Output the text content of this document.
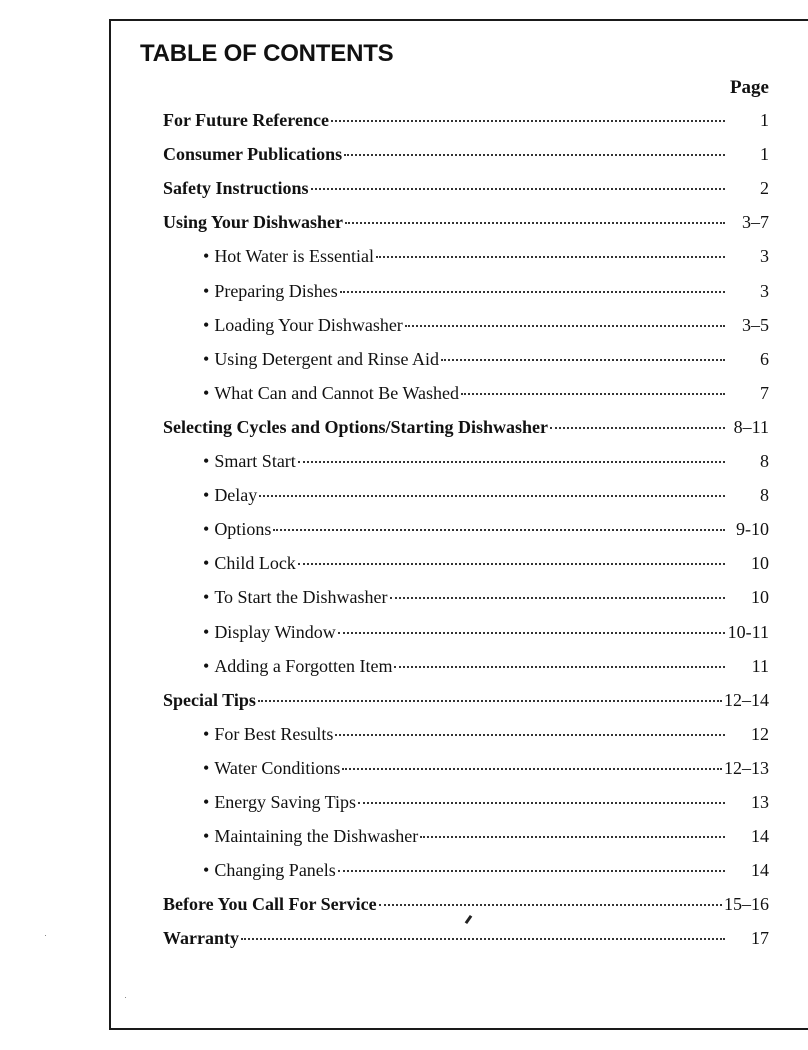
TABLE OF CONTENTS
Page
For Future Reference	1
Consumer Publications	1
Safety Instructions	2
Using Your Dishwasher	3–7
• Hot Water is Essential	3
• Preparing Dishes	3
• Loading Your Dishwasher	3–5
• Using Detergent and Rinse Aid	6
• What Can and Cannot Be Washed	7
Selecting Cycles and Options/Starting Dishwasher	8–11
• Smart Start	8
• Delay	8
• Options	9-10
• Child Lock	10
• To Start the Dishwasher	10
• Display Window	10-11
• Adding a Forgotten Item	11
Special Tips	12–14
• For Best Results	12
• Water Conditions	12–13
• Energy Saving Tips	13
• Maintaining the Dishwasher	14
• Changing Panels	14
Before You Call For Service	15–16
Warranty	17
